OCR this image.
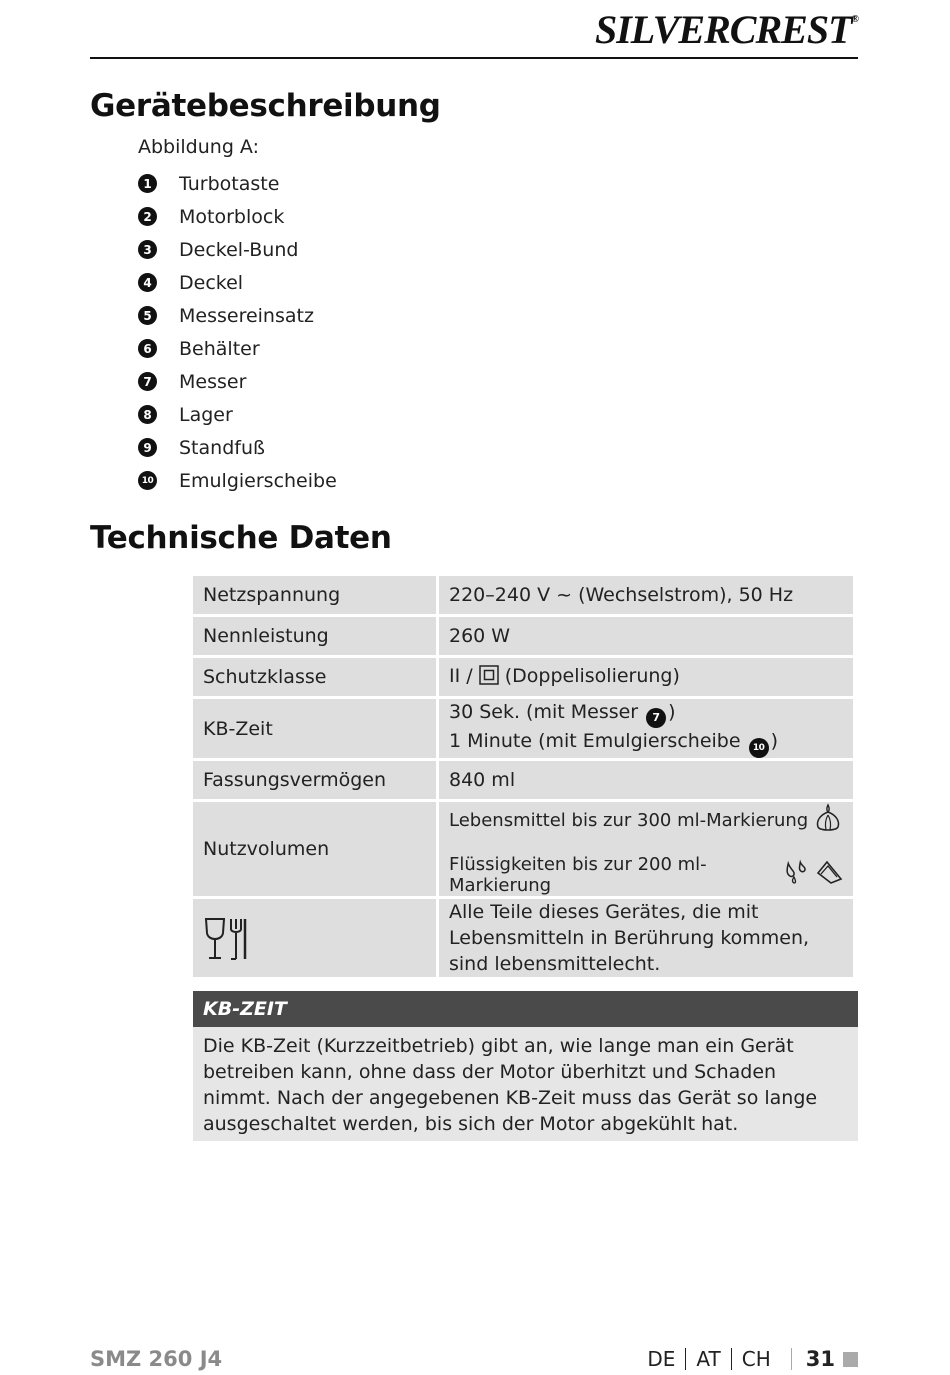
SILVERCREST®
Gerätebeschreibung
Abbildung A:
1 Turbotaste
2 Motorblock
3 Deckel-Bund
4 Deckel
5 Messereinsatz
6 Behälter
7 Messer
8 Lager
9 Standfuß
10 Emulgierscheibe
Technische Daten
Netzspannung	220–240 V ~ (Wechselstrom), 50 Hz
Nennleistung	260 W
Schutzklasse	II /  (Doppelisolierung)
KB-Zeit	30 Sek. (mit Messer 7 )
1 Minute (mit Emulgierscheibe 10 )

Fassungsvermögen	840 ml
Nutzvolumen	Lebensmittel bis zur 300 ml-Markierung
Flüssigkeiten bis zur 200 ml-Markierung

	Alle Teile dieses Gerätes, die mit Lebensmitteln in Berührung kommen, sind lebensmittelecht.
KB-ZEIT
Die KB-Zeit (Kurzzeitbetrieb) gibt an, wie lange man ein Gerät betreiben kann, ohne dass der Motor überhitzt und Schaden nimmt. Nach der angegebenen KB-Zeit muss das Gerät so lange ausgeschaltet werden, bis sich der Motor abgekühlt hat.
SMZ 260 J4	DE AT CH 31
